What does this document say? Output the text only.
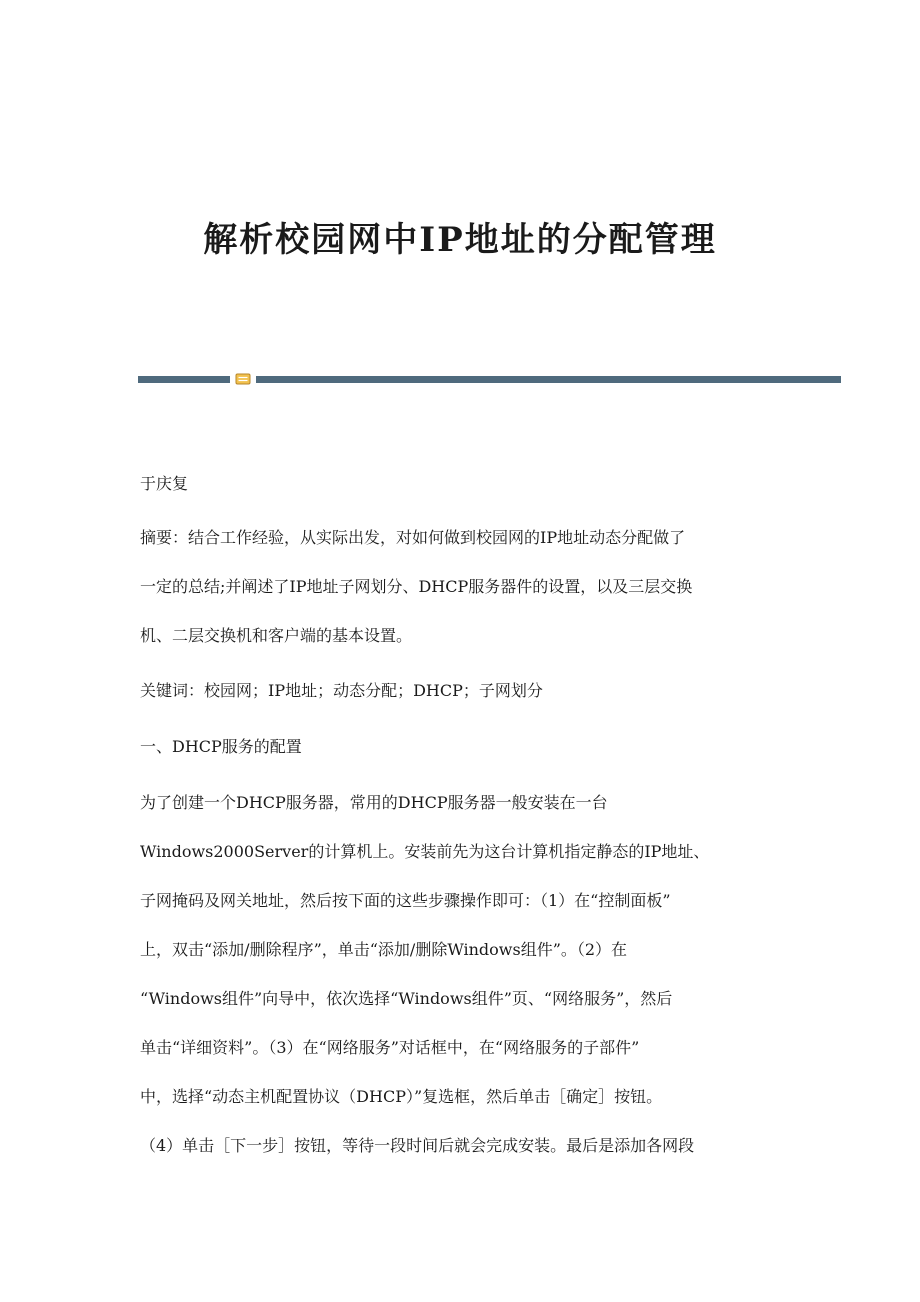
解析校园网中IP地址的分配管理

于庆复

摘要：结合工作经验，从实际出发，对如何做到校园网的IP地址动态分配做了
一定的总结;并阐述了IP地址子网划分、DHCP服务器件的设置，以及三层交换
机、二层交换机和客户端的基本设置。

关键词：校园网；IP地址；动态分配；DHCP；子网划分

一、DHCP服务的配置

为了创建一个DHCP服务器，常用的DHCP服务器一般安装在一台
Windows2000Server的计算机上。安装前先为这台计算机指定静态的IP地址、
子网掩码及网关地址，然后按下面的这些步骤操作即可：（1）在“控制面板”
上，双击“添加/删除程序”，单击“添加/删除Windows组件”。（2）在
“Windows组件”向导中，依次选择“Windows组件”页、“网络服务”，然后
单击“详细资料”。（3）在“网络服务”对话框中，在“网络服务的子部件”
中，选择“动态主机配置协议（DHCP）”复选框，然后单击［确定］按钮。
（4）单击［下一步］按钮，等待一段时间后就会完成安装。最后是添加各网段
